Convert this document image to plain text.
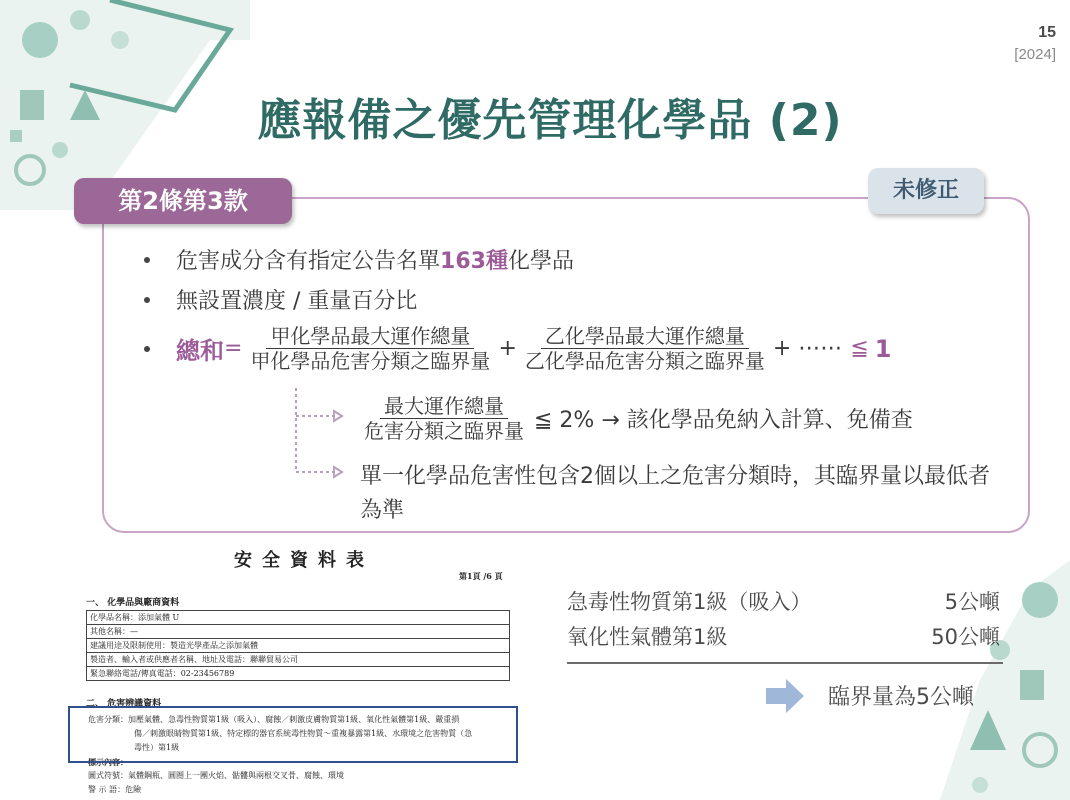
15
[2024]
應報備之優先管理化學品 (2)
第2條第3款	未修正
危害成分含有指定公告名單 163種 化學品
無設置濃度 / 重量百分比
總和 = $\frac{\text{甲化學品最大運作總量}}{\text{甲化學品危害分類之臨界量}} + \frac{\text{乙化學品最大運作總量}}{\text{乙化學品危害分類之臨界量}}$ + ⋯⋯ ≦ 1
$\frac{\text{最大運作總量}}{\text{危害分類之臨界量}}$ ≦ 2% → 該化學品免納入計算、免備查
單一化學品危害性包含2個以上之危害分類時，其臨界量以最低者為準
安全資料表
第1頁 /6 頁
一、 化學品與廠商資料
化學品名稱：添加氣體 U
其他名稱：—
建議用途及限制使用：製造光學產品之添加氣體
製造者、輸入者或供應者名稱、地址及電話：聯聯貿易公司
緊急聯絡電話/傳真電話：02-23456789
二、 危害辨識資料
危害分類：加壓氣體、急毒性物質第1級（吸入）、腐蝕／刺激皮膚物質第1級、氧化性氣體第1級、嚴重損
傷／刺激眼睛物質第1級、特定標的器官系統毒性物質～重複暴露第1級、水環境之危害物質（急
毒性）第1級
標示內容：
圖式符號：氣體鋼瓶、圓圈上一團火焰、骷髏與兩根交叉骨、腐蝕、環境
警 示 語：危險
急毒性物質第1級（吸入）	5公噸
氧化性氣體第1級	50公噸
臨界量為5公噸
